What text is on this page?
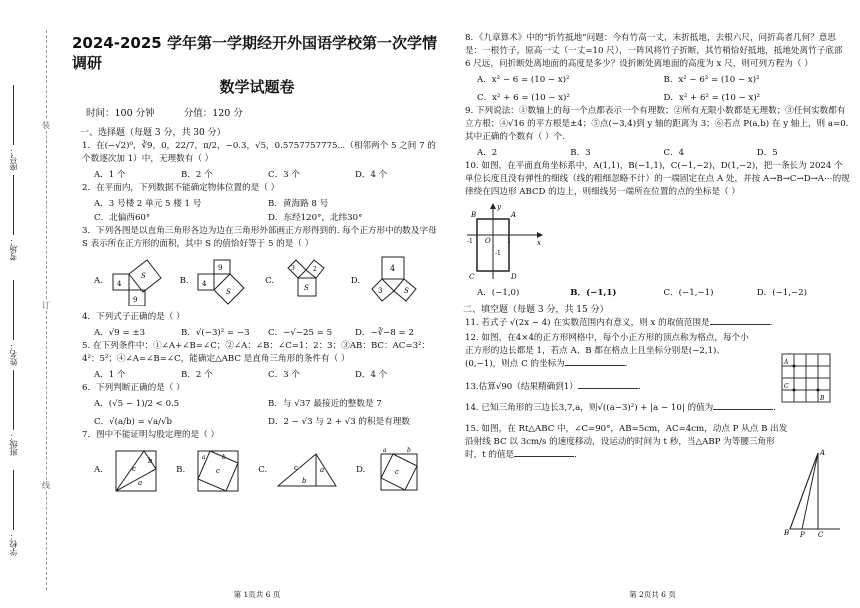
座号：
考场：
姓名：
班级：
学校：
装
订
线
2024-2025 学年第一学期经开外国语学校第一次学情调研
数学试题卷
时间：100 分钟	分值：120 分
一、选择题（每题 3 分，共 30 分）
1．在(−√2)⁰，∛9，0，22/7，π/2，−0.3，√5，0.5757757775⋯（相邻两个 5 之间 7 的个数逐次加 1）中，无理数有（ ）
A．1 个	B．2 个	C．3 个	D．4 个
2．在平面内，下列数据不能确定物体位置的是（ ）
A．3 号楼 2 单元 5 楼 1 号	B．黄海路 8 号
C．北偏西60°	D．东经120°，北纬30°
3．下列各图是以直角三角形各边为边在三角形外部画正方形得到的. 每个正方形中的数及字母 S 表示所在正方形的面积，其中 S 的值恰好等于 5 的是（ ）
A.	4
9
S	B.	4
9
S
C.
3	2
S
D.
4
3	S
4．下列式子正确的是（ ）
A．√9 = ±3	B．√(−3)² = −3	C．−√−25 = 5	D．−∛−8 = 2
5. 在下列条件中：①∠A+∠B=∠C；②∠A：∠B：∠C=1：2：3；③AB：BC：AC=3²：4²：5²；④∠A=∠B=∠C，能确定△ABC 是直角三角形的条件有（ ）
A．1 个	B．2 个	C．3 个	D．4 个
6．下列判断正确的是（ ）
A．(√5 − 1)/2 < 0.5	B．与 √37 最接近的整数是 7
C．√(a/b) = √a/√b	D．2 − √3 与 2 + √3 的积是有理数
7．图中不能证明勾股定理的是（ ）
A.	c
a
b
B.
a	b
c	C.	c	a
b
D.	c
a	b
第 1页共 6 页
8．《九章算术》中的“折竹抵地”问题：今有竹高一丈，末折抵地，去根六尺，问折高者几何？意思是：一根竹子，原高一丈（一丈=10 尺），一阵风将竹子折断，其竹梢恰好抵地，抵地处离竹子底部 6 尺远，问折断处离地面的高度是多少？设折断处离地面的高度为 x 尺，则可列方程为（ ）
A．x² − 6 = (10 − x)²	B．x² − 6² = (10 − x)²
C．x² + 6 = (10 − x)²	D．x² + 6² = (10 − x)²
9. 下列说法：①数轴上的每一个点都表示一个有理数；②所有无限小数都是无理数；③任何实数都有立方根；④√16 的平方根是±4；⑤点(−3,4)到 y 轴的距离为 3；⑥若点 P(a,b) 在 y 轴上，则 a=0. 其中正确的个数有（ ）个.
A．2	B．3	C．4	D．5
10. 如图，在平面直角坐标系中，A(1,1)，B(−1,1)，C(−1,−2)，D(1,−2)，把一条长为 2024 个单位长度且没有弹性的细线（线的粗细忽略不计）的一端固定在点 A 处，并按 A→B→C→D→A⋯的规律绕在四边形 ABCD 的边上，则细线另一端所在位置的点的坐标是（ ）
B	A
C	D
O	x
y
1
-1
-1
A．(−1,0)	B．(−1,1)	C．(−1,−1)	D．(−1,−2)
二、填空题（每题 3 分，共 15 分）
11. 若式子 √(2x − 4) 在实数范围内有意义，则 x 的取值范围是	.
12. 如图，在4×4的正方形网格中，每个小正方形的顶点称为格点，每个小正方形的边长都是 1，若点 A、B 都在格点上且坐标分别是(−2,1)、(0,−1)，则点 C 的坐标为	.	A
C
B
13.估算√90（结果精确到1）	.
14. 已知三角形的三边长3,7,a，则√((a−3)²) + |a − 10| 的值为	.
15. 如图，在 Rt△ABC 中，∠C=90°，AB=5cm，AC=4cm，动点 P 从点 B 出发沿射线 BC 以 3cm/s 的速度移动，设运动的时间为 t 秒，当△ABP 为等腰三角形时，t 的值是	.	A
B P C
第 2页共 6 页
